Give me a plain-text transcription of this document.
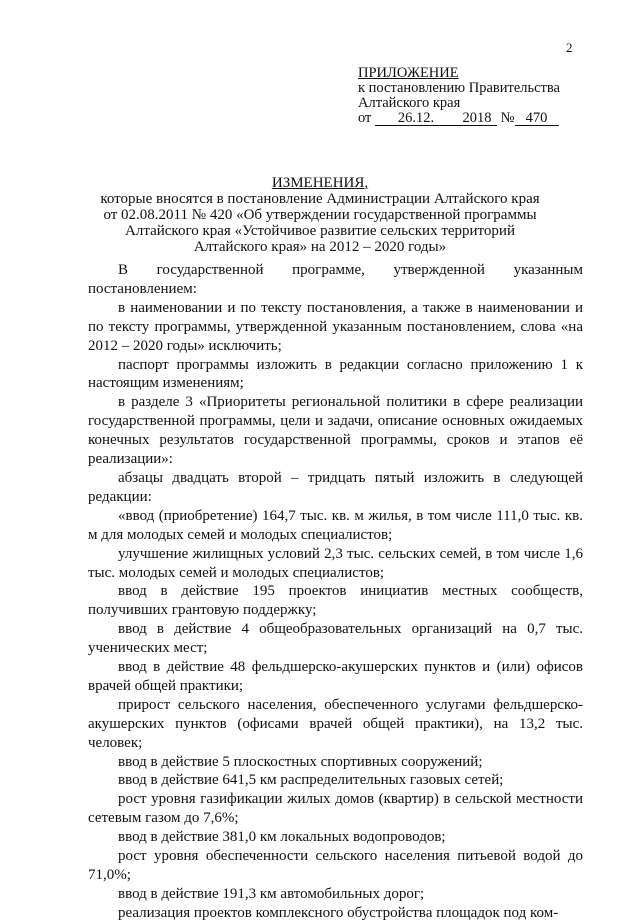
2
ПРИЛОЖЕНИЕ
к постановлению Правительства
Алтайского края
от 26.12. 2018 № 470
ИЗМЕНЕНИЯ,
которые вносятся в постановление Администрации Алтайского края
от 02.08.2011 № 420 «Об утверждении государственной программы
Алтайского края «Устойчивое развитие сельских территорий
Алтайского края» на 2012 – 2020 годы»

В государственной программе, утвержденной указанным постановлением:

в наименовании и по тексту постановления, а также в наименовании и по тексту программы, утвержденной указанным постановлением, слова «на 2012 – 2020 годы» исключить;

паспорт программы изложить в редакции согласно приложению 1 к настоящим изменениям;

в разделе 3 «Приоритеты региональной политики в сфере реализации государственной программы, цели и задачи, описание основных ожидаемых конечных результатов государственной программы, сроков и этапов её реализации»:

абзацы двадцать второй – тридцать пятый изложить в следующей редакции:

«ввод (приобретение) 164,7 тыс. кв. м жилья, в том числе 111,0 тыс. кв. м для молодых семей и молодых специалистов;

улучшение жилищных условий 2,3 тыс. сельских семей, в том числе 1,6 тыс. молодых семей и молодых специалистов;

ввод в действие 195 проектов инициатив местных сообществ, получивших грантовую поддержку;

ввод в действие 4 общеобразовательных организаций на 0,7 тыс. ученических мест;

ввод в действие 48 фельдшерско-акушерских пунктов и (или) офисов врачей общей практики;

прирост сельского населения, обеспеченного услугами фельдшерско-акушерских пунктов (офисами врачей общей практики), на 13,2 тыс. человек;

ввод в действие 5 плоскостных спортивных сооружений;

ввод в действие 641,5 км распределительных газовых сетей;

рост уровня газификации жилых домов (квартир) в сельской местности сетевым газом до 7,6%;

ввод в действие 381,0 км локальных водопроводов;

рост уровня обеспеченности сельского населения питьевой водой до 71,0%;

ввод в действие 191,3 км автомобильных дорог;

реализация проектов комплексного обустройства площадок под ком-
